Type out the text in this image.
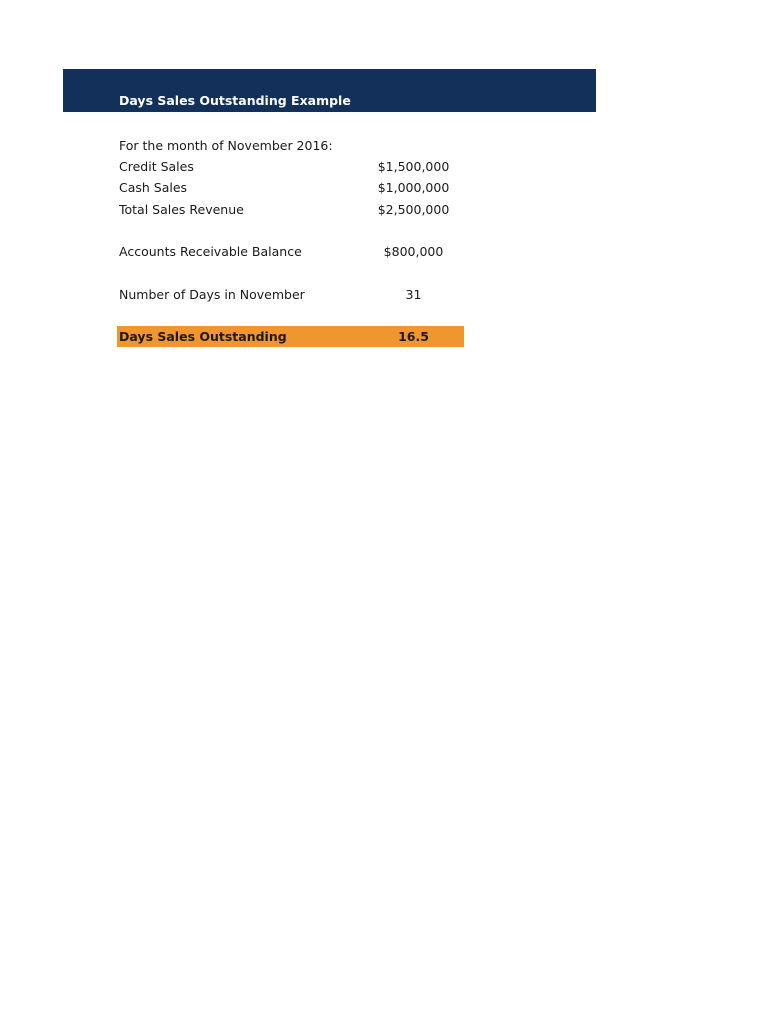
Days Sales Outstanding Example
For the month of November 2016:
Credit Sales	$1,500,000
Cash Sales	$1,000,000
Total Sales Revenue	$2,500,000
Accounts Receivable Balance	$800,000
Number of Days in November	31
Days Sales Outstanding	16.5
